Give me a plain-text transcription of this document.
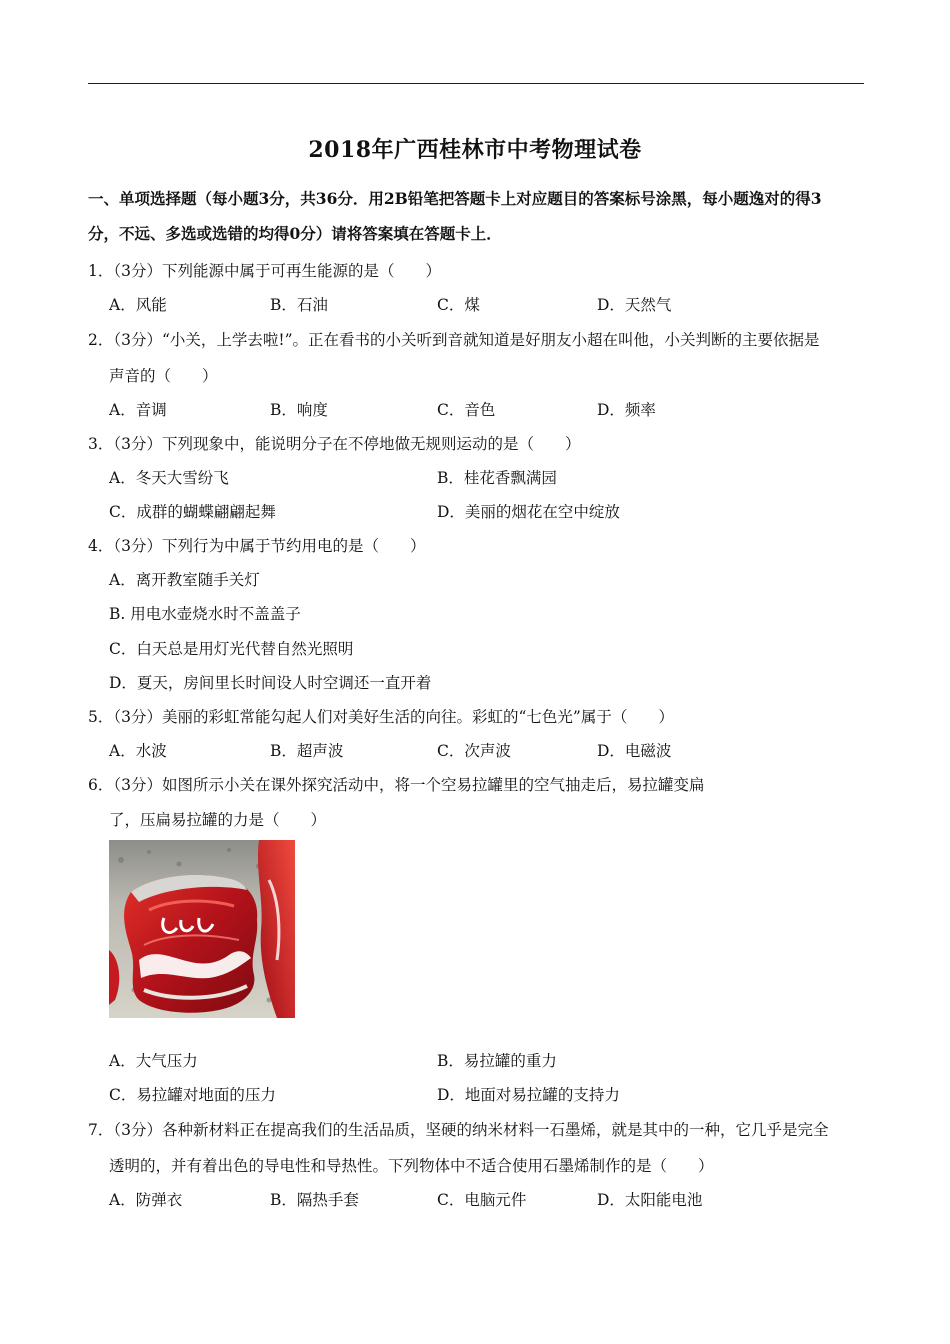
2018年广西桂林市中考物理试卷
一、单项选择题（每小题3分，共36分．用2B铅笔把答题卡上对应题目的答案标号涂黑，每小题逸对的得3
分，不远、多选或选错的均得0分）请将答案填在答题卡上．
1．（3分）下列能源中属于可再生能源的是（　　）
A．风能	B．石油	C．煤	D．天然气
2．（3分）“小关，上学去啦!”。正在看书的小关听到音就知道是好朋友小超在叫他，小关判断的主要依据是
声音的（　　）
A．音调	B．响度	C．音色	D．频率
3．（3分）下列现象中，能说明分子在不停地做无规则运动的是（　　）
A．冬天大雪纷飞	B．桂花香飘满园
C．成群的蝴蝶翩翩起舞	D．美丽的烟花在空中绽放
4．（3分）下列行为中属于节约用电的是（　　）
A．离开教室随手关灯
B. 用电水壶烧水时不盖盖子
C．白天总是用灯光代替自然光照明
D．夏天，房间里长时间设人时空调还一直开着
5．（3分）美丽的彩虹常能勾起人们对美好生活的向往。彩虹的“七色光”属于（　　）
A．水波	B．超声波	C．次声波	D．电磁波
6．（3分）如图所示小关在课外探究活动中，将一个空易拉罐里的空气抽走后，易拉罐变扁
了，压扁易拉罐的力是（　　）
A．大气压力	B．易拉罐的重力
C．易拉罐对地面的压力	D．地面对易拉罐的支持力
7．（3分）各种新材料正在提高我们的生活品质，坚硬的纳米材料一石墨烯，就是其中的一种，它几乎是完全
透明的，并有着出色的导电性和导热性。下列物体中不适合使用石墨烯制作的是（　　）
A．防弹衣	B．隔热手套	C．电脑元件	D．太阳能电池
